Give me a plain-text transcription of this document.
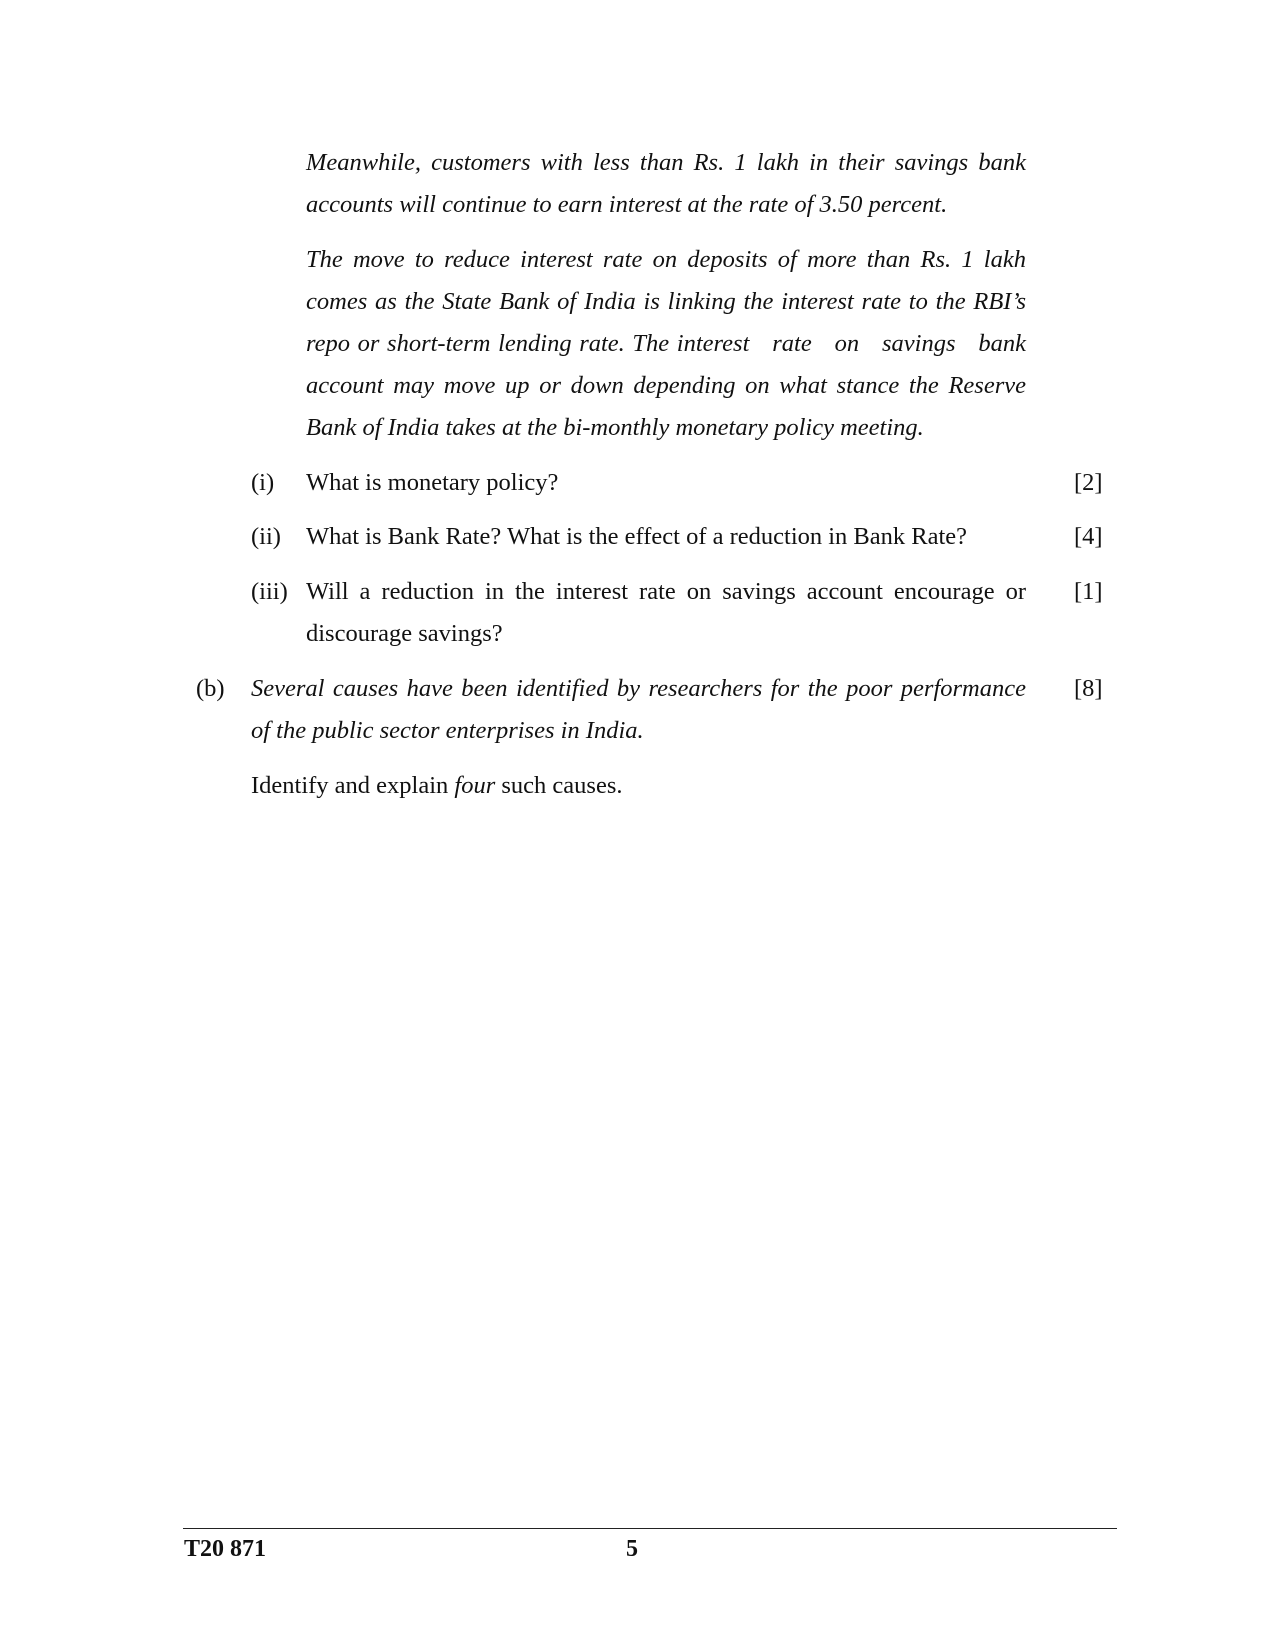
Meanwhile, customers with less than Rs. 1 lakh in their savings bank
accounts will continue to earn interest at the rate of 3.50 percent.
The move to reduce interest rate on deposits of more than Rs. 1 lakh
comes as the State Bank of India is linking the interest rate to the RBI’s
repo or short-term lending rate. The interest   rate   on   savings   bank
account may move up or down depending on what stance the Reserve
Bank of India takes at the bi-monthly monetary policy meeting.
(i) What is monetary policy?	[2]
(ii) What is Bank Rate? What is the effect of a reduction in Bank Rate?	[4]
(iii) Will a reduction in the interest rate on savings account encourage or
discourage savings?
[1]
(b) Several causes have been identified by researchers for the poor performance
of the public sector enterprises in India.
[8]
Identify and explain four such causes.
T20 871	5
